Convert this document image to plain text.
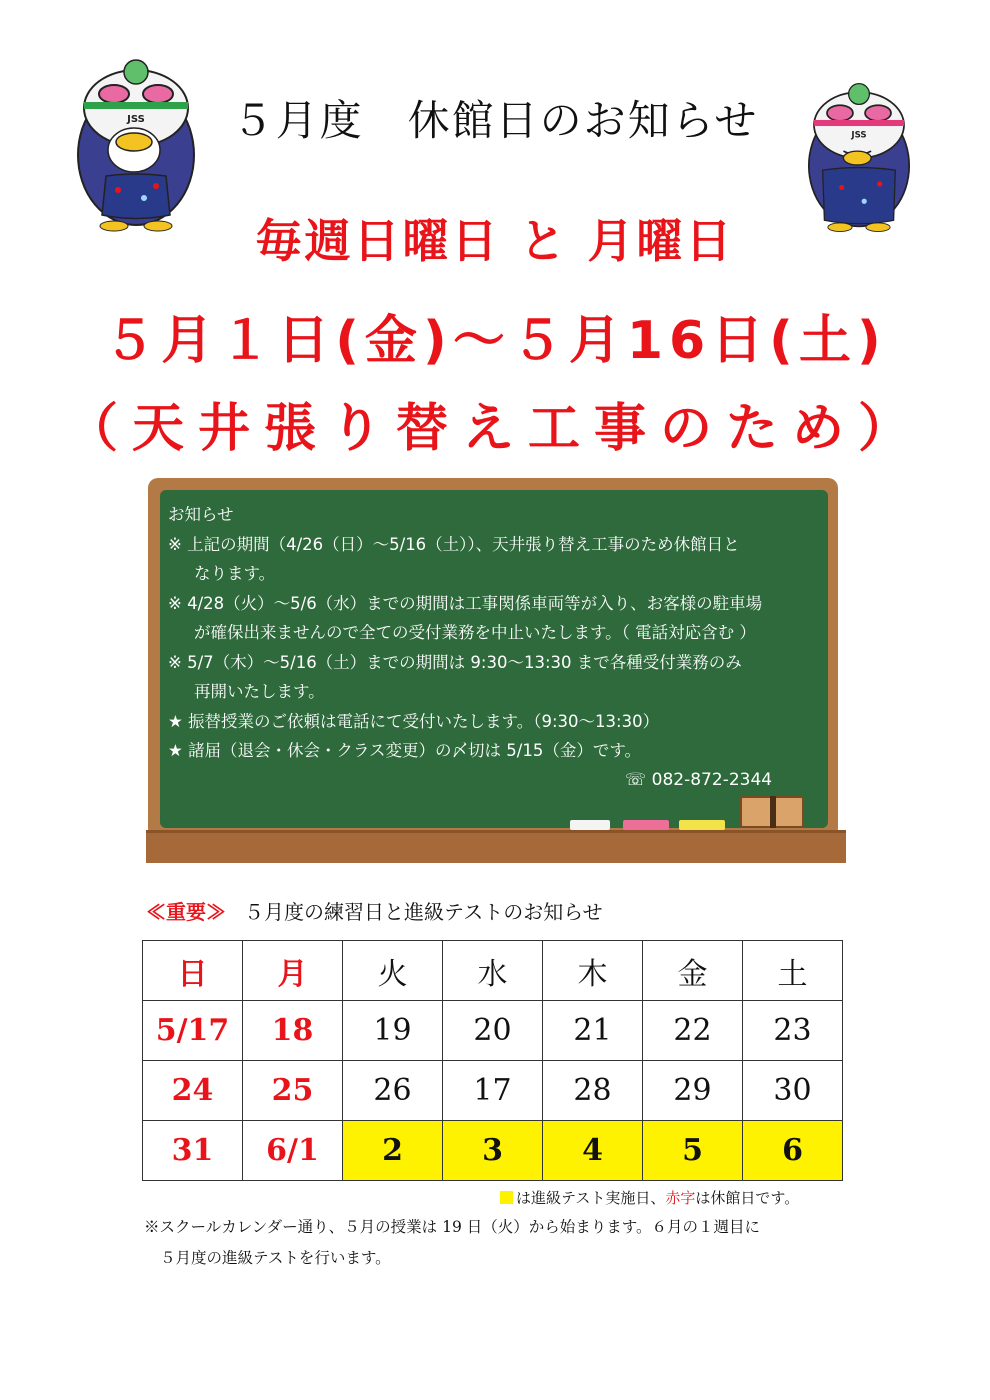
JSS
JSS
５月度　休館日のお知らせ
毎週日曜日 と 月曜日
５月１日(金)～５月16日(土)
（天井張り替え工事のため）
お知らせ
※ 上記の期間（4/26（日）～5/16（土））、天井張り替え工事のため休館日と
なります。
※ 4/28（火）～5/6（水）までの期間は工事関係車両等が入り、お客様の駐車場
が確保出来ませんので全ての受付業務を中止いたします。（ 電話対応含む ）
※ 5/7（木）～5/16（土）までの期間は 9:30～13:30 まで各種受付業務のみ
再開いたします。
★ 振替授業のご依頼は電話にて受付いたします。（9:30～13:30）
★ 諸届（退会・休会・クラス変更）の〆切は 5/15（金）です。
☏ 082-872-2344
≪重要≫ ５月度の練習日と進級テストのお知らせ
日	月	火	水	木	金	土
5/17	18	19	20	21	22	23
24	25	26	17	28	29	30
31	6/1	2	3	4	5	6
は進級テスト実施日、赤字は休館日です。
※スクールカレンダー通り、５月の授業は 19 日（火）から始まります。６月の１週目に
５月度の進級テストを行います。
